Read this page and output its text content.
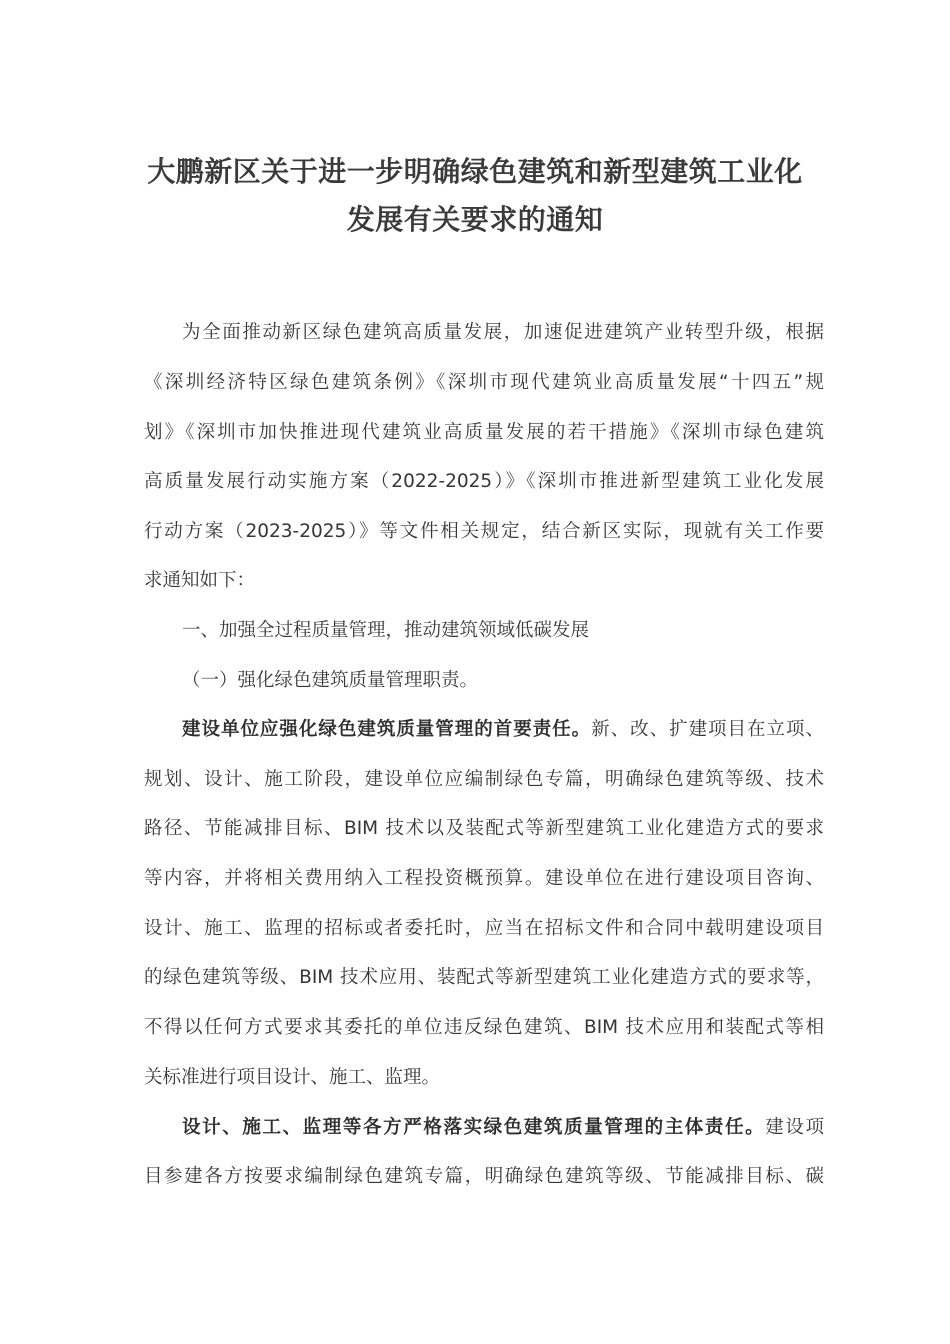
大鹏新区关于进一步明确绿色建筑和新型建筑工业化
发展有关要求的通知
为全面推动新区绿色建筑高质量发展，加速促进建筑产业转型升级，根据
《深圳经济特区绿色建筑条例》《深圳市现代建筑业高质量发展“十四五”规
划》《深圳市加快推进现代建筑业高质量发展的若干措施》《深圳市绿色建筑
高质量发展行动实施方案（2022-2025）》《深圳市推进新型建筑工业化发展
行动方案（2023-2025）》等文件相关规定，结合新区实际，现就有关工作要
求通知如下：
一、加强全过程质量管理，推动建筑领域低碳发展
（一）强化绿色建筑质量管理职责。
建设单位应强化绿色建筑质量管理的首要责任。新、改、扩建项目在立项、
规划、设计、施工阶段，建设单位应编制绿色专篇，明确绿色建筑等级、技术
路径、节能减排目标、BIM 技术以及装配式等新型建筑工业化建造方式的要求
等内容，并将相关费用纳入工程投资概预算。建设单位在进行建设项目咨询、
设计、施工、监理的招标或者委托时，应当在招标文件和合同中载明建设项目
的绿色建筑等级、BIM 技术应用、装配式等新型建筑工业化建造方式的要求等，
不得以任何方式要求其委托的单位违反绿色建筑、BIM 技术应用和装配式等相
关标准进行项目设计、施工、监理。
设计、施工、监理等各方严格落实绿色建筑质量管理的主体责任。建设项
目参建各方按要求编制绿色建筑专篇，明确绿色建筑等级、节能减排目标、碳
